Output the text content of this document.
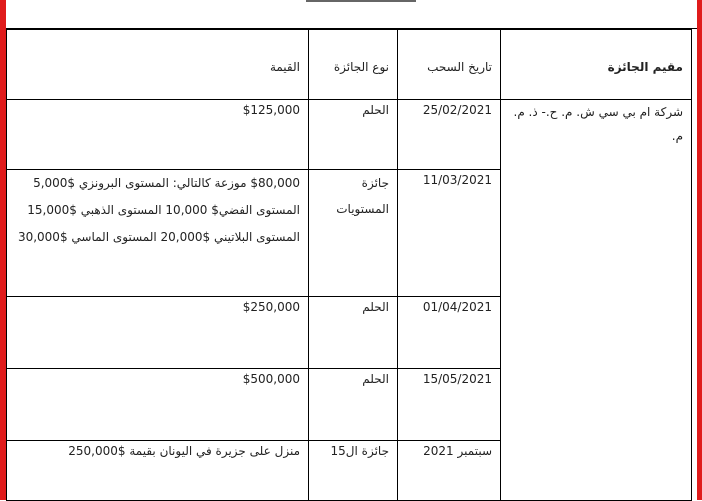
القيمة	نوع الجائزة	تاريخ السحب	مقيم الجائزة
$125,000	الحلم	25/02/2021	شركة ام بي سي ش. م. ح.- ذ. م. م.
$80,000 موزعة كالتالي: المستوى البرونزي $5,000 المستوى الفضي$ 10,000 المستوى الذهبي $15,000 المستوى البلاتيني $20,000 المستوى الماسي $30,000	جائزة المستويات	11/03/2021	
$250,000	الحلم	01/04/2021	
$500,000	الحلم	15/05/2021	
منزل على جزيرة في اليونان بقيمة $250,000	جائزة ال15	سبتمبر 2021	
